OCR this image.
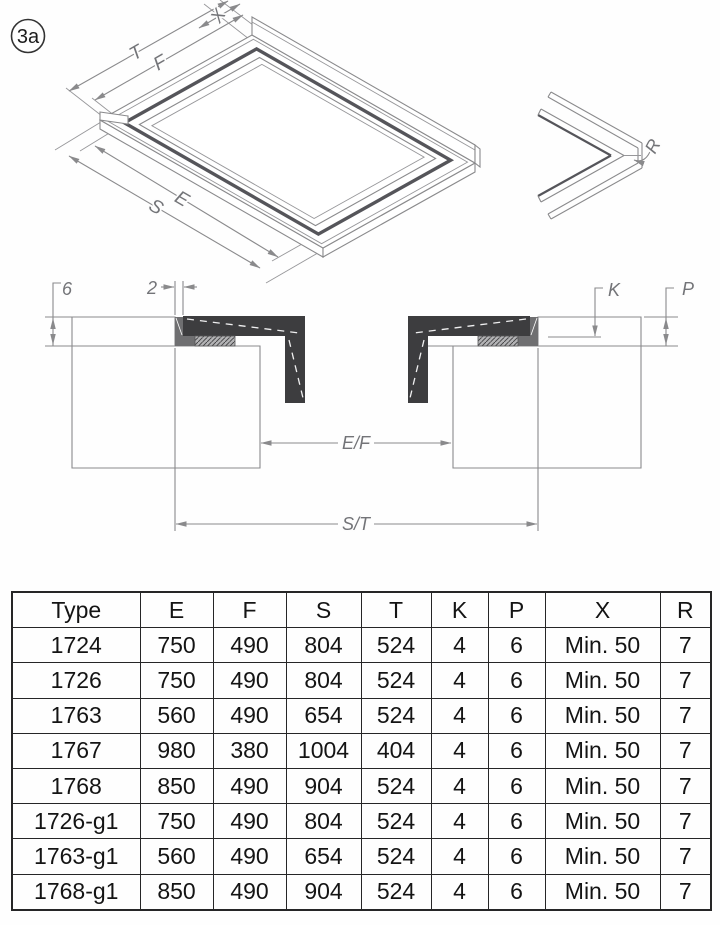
3a
T F
X
E
S
R
6	2	K	P
E/F
S/T
Type	E	F	S	T	K	P	X	R
1724	750	490	804	524	4	6	Min. 50	7
1726	750	490	804	524	4	6	Min. 50	7
1763	560	490	654	524	4	6	Min. 50	7
1767	980	380	1004	404	4	6	Min. 50	7
1768	850	490	904	524	4	6	Min. 50	7
1726-g1	750	490	804	524	4	6	Min. 50	7
1763-g1	560	490	654	524	4	6	Min. 50	7
1768-g1	850	490	904	524	4	6	Min. 50	7
